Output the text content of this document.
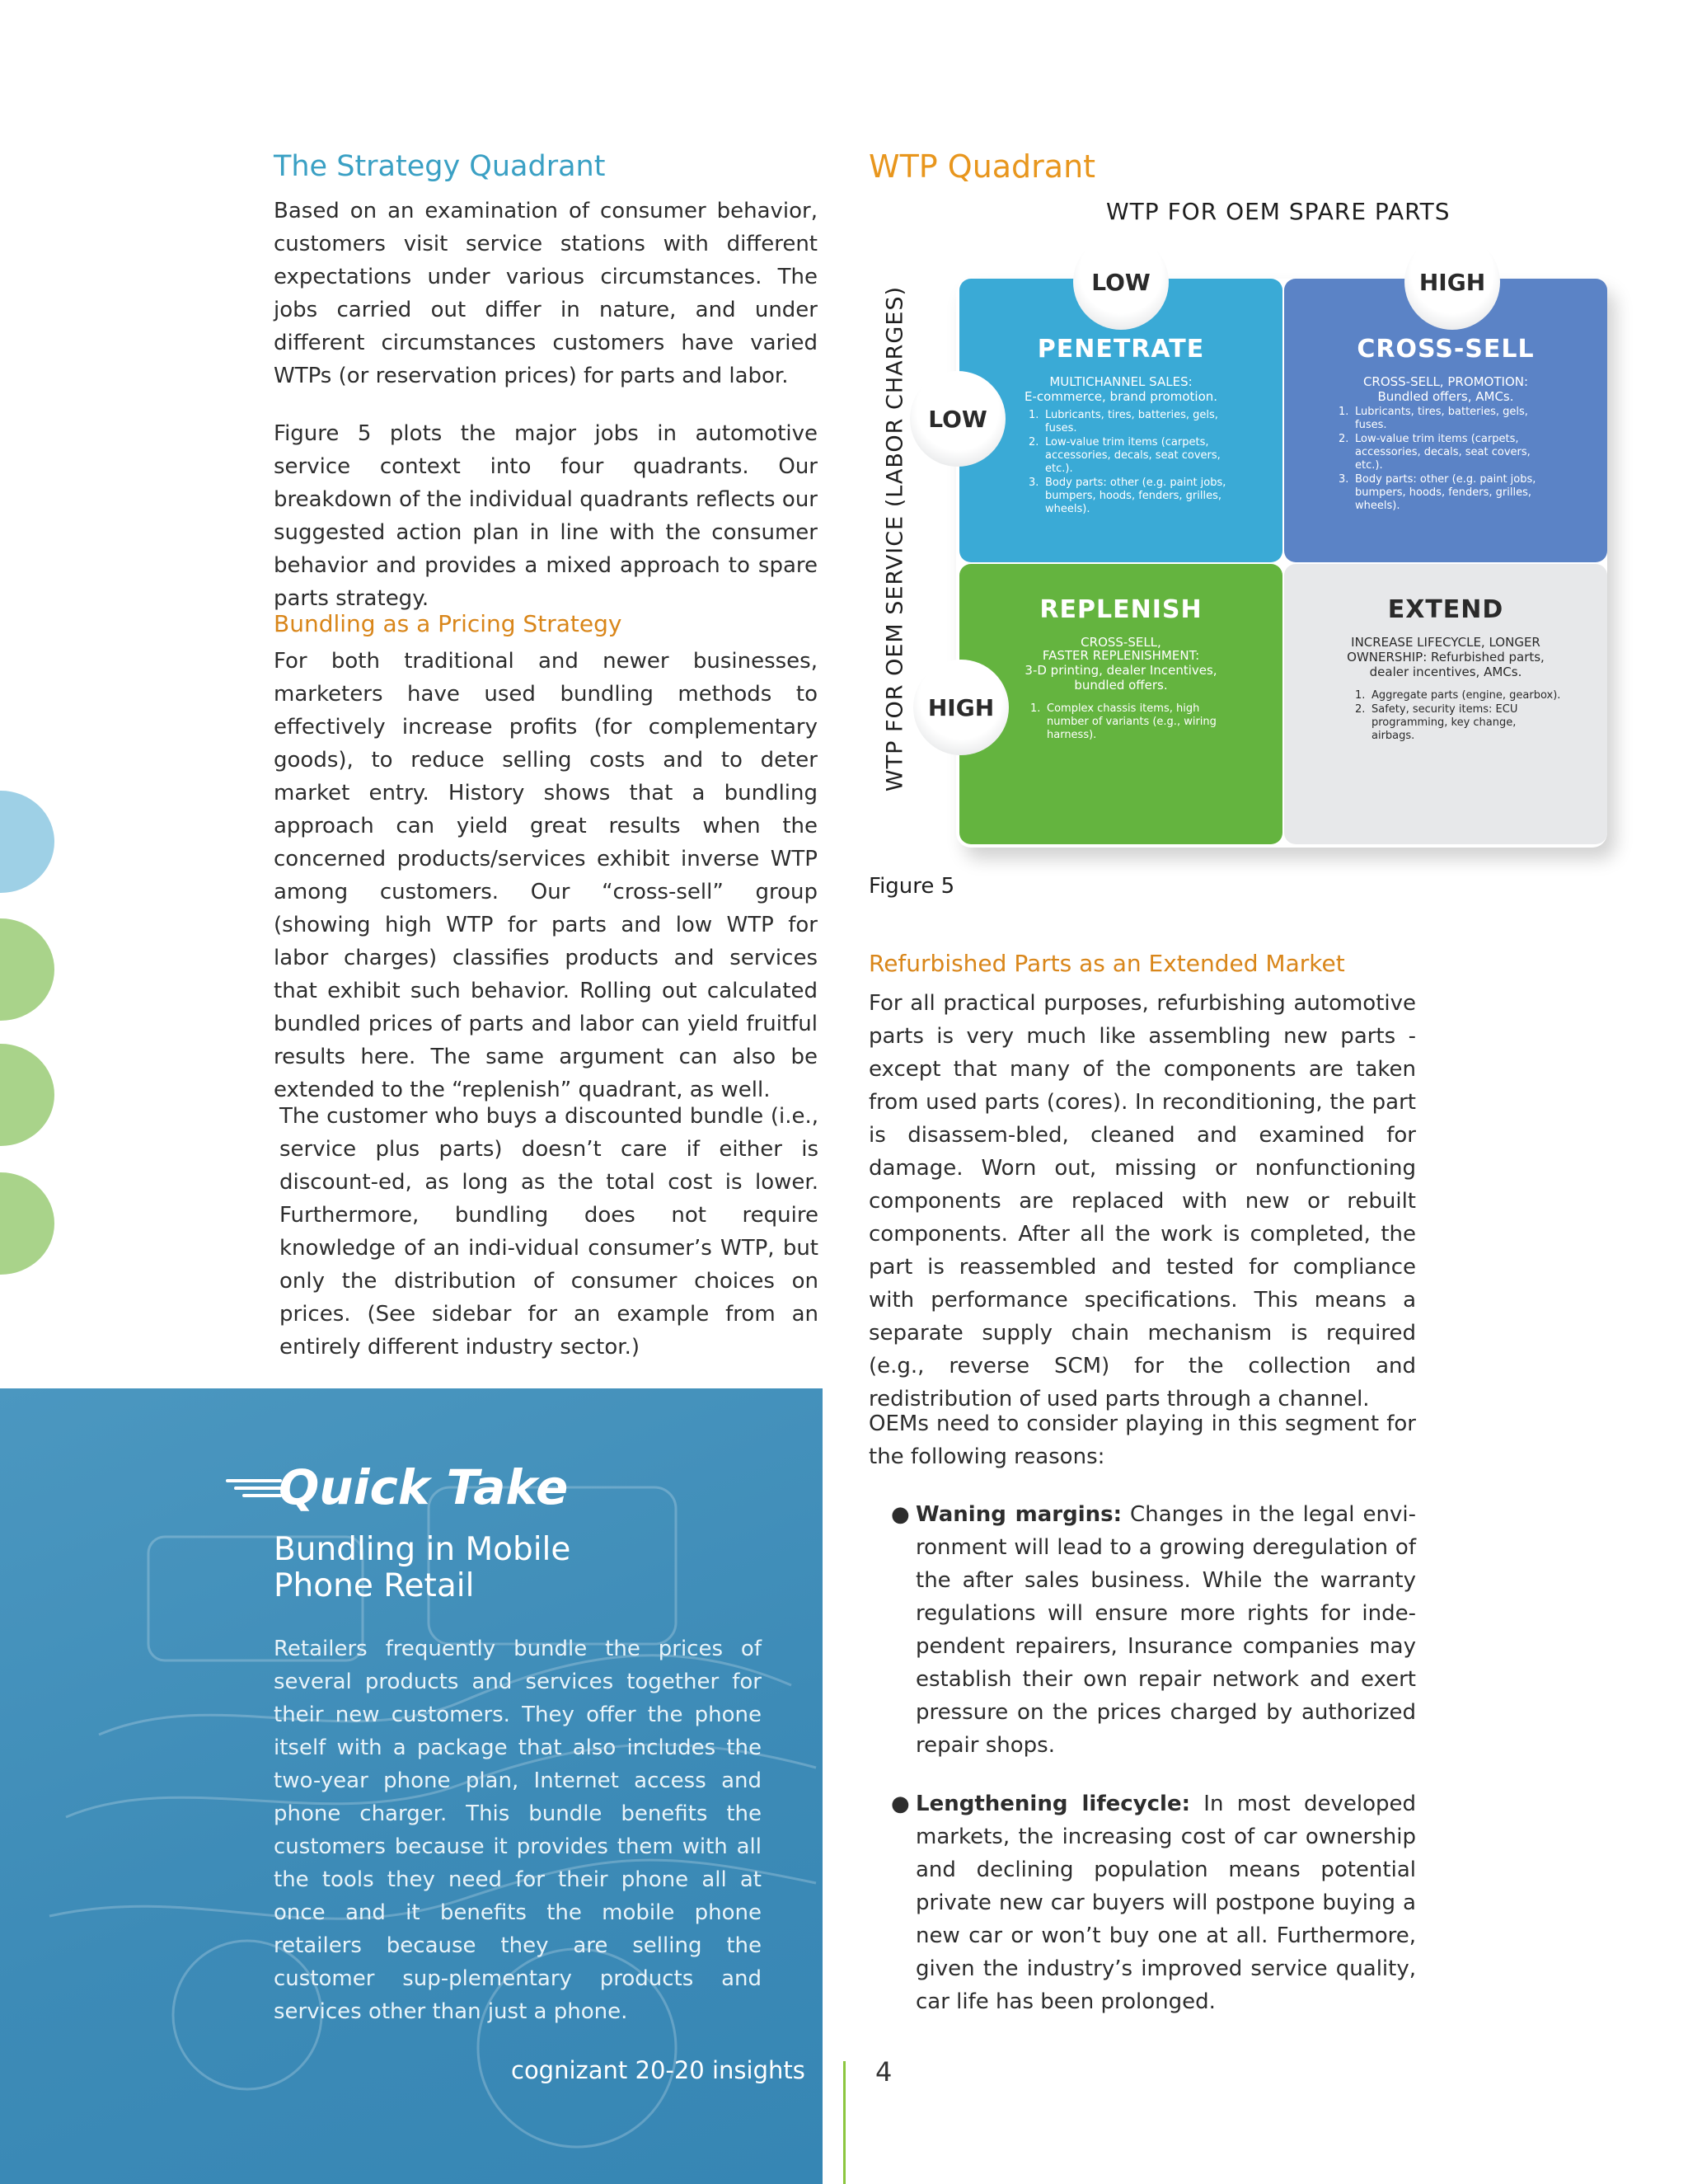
The Strategy Quadrant
Based on an examination of consumer behavior, customers visit service stations with different expectations under various circumstances. The jobs carried out differ in nature, and under different circumstances customers have varied WTPs (or reservation prices) for parts and labor.
Figure 5 plots the major jobs in automotive service context into four quadrants. Our breakdown of the individual quadrants reflects our suggested action plan in line with the consumer behavior and provides a mixed approach to spare parts strategy.
Bundling as a Pricing Strategy
For both traditional and newer businesses, marketers have used bundling methods to effectively increase profits (for complementary goods), to reduce selling costs and to deter market entry. History shows that a bundling approach can yield great results when the concerned products/services exhibit inverse WTP among customers. Our “cross-sell” group (showing high WTP for parts and low WTP for labor charges) classifies products and services that exhibit such behavior. Rolling out calculated bundled prices of parts and labor can yield fruitful results here. The same argument can also be extended to the “replenish” quadrant, as well.
The customer who buys a discounted bundle (i.e., service plus parts) doesn’t care if either is discount-ed, as long as the total cost is lower. Furthermore, bundling does not require knowledge of an indi-vidual consumer’s WTP, but only the distribution of consumer choices on prices. (See sidebar for an example from an entirely different industry sector.)
WTP Quadrant
WTP FOR OEM SPARE PARTS
WTP FOR OEM SERVICE (LABOR CHARGES)	PENETRATE
MULTICHANNEL SALES:
E-commerce, brand promotion.
1. Lubricants, tires, batteries, gels, fuses.
2. Low-value trim items (carpets, accessories, decals, seat covers, etc.).
3. Body parts: other (e.g. paint jobs, bumpers, hoods, fenders, grilles, wheels).
CROSS-SELL
CROSS-SELL, PROMOTION:
Bundled offers, AMCs.
1. Lubricants, tires, batteries, gels, fuses.
2. Low-value trim items (carpets, accessories, decals, seat covers, etc.).
3. Body parts: other (e.g. paint jobs, bumpers, hoods, fenders, grilles, wheels).
REPLENISH
CROSS-SELL,
FASTER REPLENISHMENT:
3-D printing, dealer Incentives,
bundled offers.
1. Complex chassis items, high number of variants (e.g., wiring harness).
EXTEND
INCREASE LIFECYCLE, LONGER
OWNERSHIP: Refurbished parts,
dealer incentives, AMCs.
1. Aggregate parts (engine, gearbox).
2. Safety, security items: ECU programming, key change, airbags.
LOW	HIGH
LOW
HIGH
Figure 5
Refurbished Parts as an Extended Market
For all practical purposes, refurbishing automotive parts is very much like assembling new parts - except that many of the components are taken from used parts (cores). In reconditioning, the part is disassem-bled, cleaned and examined for damage. Worn out, missing or nonfunctioning components are replaced with new or rebuilt components. After all the work is completed, the part is reassembled and tested for compliance with performance specifications. This means a separate supply chain mechanism is required (e.g., reverse SCM) for the collection and redistribution of used parts through a channel.
OEMs need to consider playing in this segment for the following reasons:
● Waning margins: Changes in the legal envi-ronment will lead to a growing deregulation of the after sales business. While the warranty regulations will ensure more rights for inde-pendent repairers, Insurance companies may establish their own repair network and exert pressure on the prices charged by authorized repair shops.
● Lengthening lifecycle: In most developed markets, the increasing cost of car ownership and declining population means potential private new car buyers will postpone buying a new car or won’t buy one at all. Furthermore, given the industry’s improved service quality, car life has been prolonged.
Quick Take
Bundling in Mobile
Phone Retail
Retailers frequently bundle the prices of several products and services together for their new customers. They offer the phone itself with a package that also includes the two-year phone plan, Internet access and phone charger. This bundle benefits the customers because it provides them with all the tools they need for their phone all at once and it benefits the mobile phone retailers because they are selling the customer sup-plementary products and services other than just a phone.
cognizant 20-20 insights	4
